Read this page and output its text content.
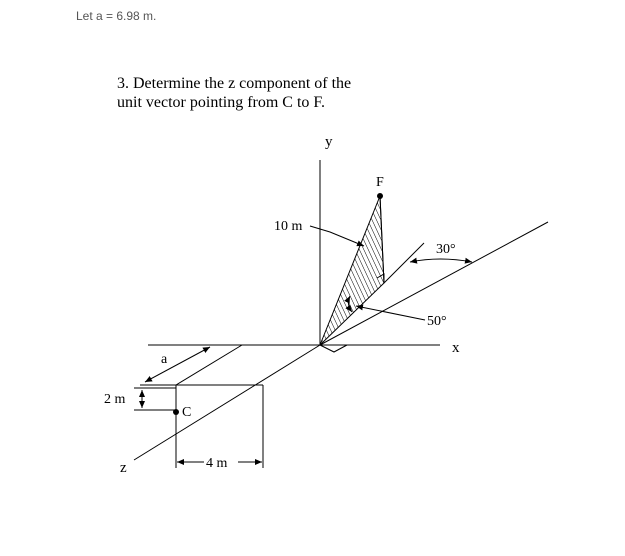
Let a = 6.98 m.
3. Determine the z component of the
unit vector pointing from C to F.
y
x
z
F
C
10 m
30°
50°
a
2 m
4 m
